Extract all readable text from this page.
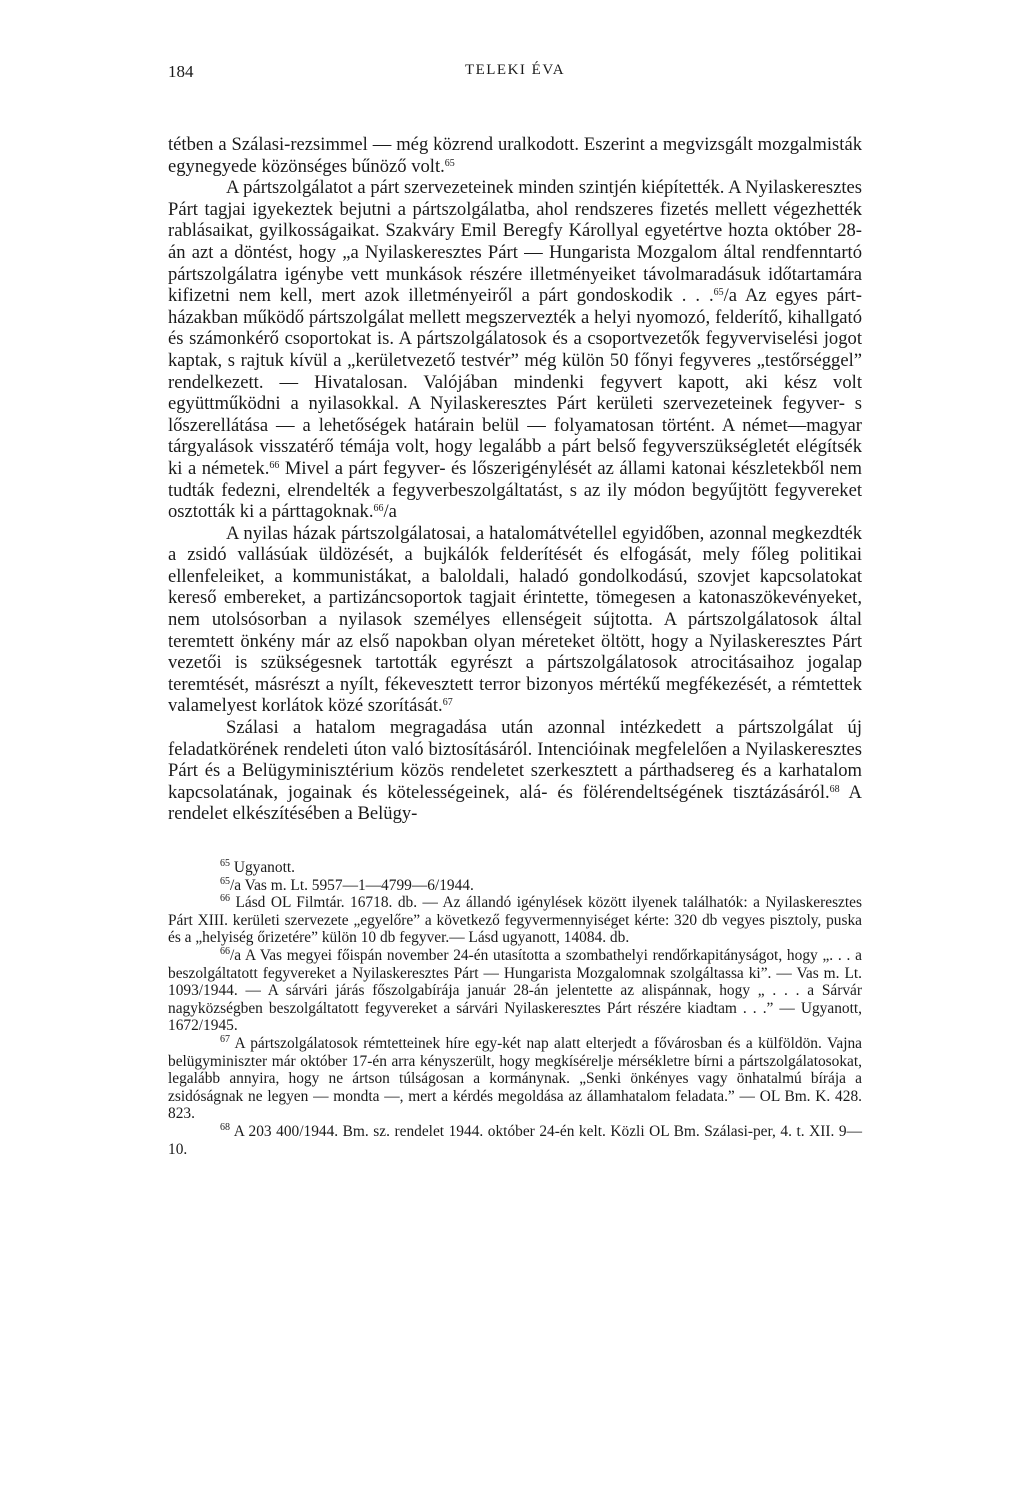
184	TELEKI ÉVA

tétben a Szálasi-rezsimmel — még közrend uralkodott. Eszerint a megvizsgált mozgalmisták egynegyede közönséges bűnöző volt.$^{65}$

A pártszolgálatot a párt szervezeteinek minden szintjén kiépítették. A Nyilaskeresztes Párt tagjai igyekeztek bejutni a pártszolgálatba, ahol rendszeres fizetés mellett végezhették rablásaikat, gyilkosságaikat. Szakváry Emil Beregfy Károllyal egyetértve hozta október 28-án azt a döntést, hogy „a Nyilaskeresztes Párt — Hungarista Mozgalom által rendfenntartó pártszolgálatra igénybe vett munkások részére illetményeiket távolmaradásuk időtartamára kifizetni nem kell, mert azok illetményeiről a párt gondoskodik . . .$^{65}$/a Az egyes pártházakban működő pártszolgálat mellett megszervezték a helyi nyomozó, felderítő, kihallgató és számonkérő csoportokat is. A pártszolgálatosok és a csoportvezetők fegyverviselési jogot kaptak, s rajtuk kívül a „kerületvezető testvér” még külön 50 főnyi fegyveres „testőrséggel” rendelkezett. — Hivatalosan. Valójában mindenki fegyvert kapott, aki kész volt együttműködni a nyilasokkal. A Nyilaskeresztes Párt kerületi szervezeteinek fegyver- s lőszerellátása — a lehetőségek határain belül — folyamatosan történt. A német—magyar tárgyalások visszatérő témája volt, hogy legalább a párt belső fegyverszükségletét elégítsék ki a németek.$^{66}$ Mivel a párt fegyver- és lőszerigénylését az állami katonai készletekből nem tudták fedezni, elrendelték a fegyverbeszolgáltatást, s az ily módon begyűjtött fegyvereket osztották ki a párttagoknak.$^{66}$/a

A nyilas házak pártszolgálatosai, a hatalomátvétellel egyidőben, azonnal megkezdték a zsidó vallásúak üldözését, a bujkálók felderítését és elfogását, mely főleg politikai ellenfeleiket, a kommunistákat, a baloldali, haladó gondolkodású, szovjet kapcsolatokat kereső embereket, a partizáncsoportok tagjait érintette, tömegesen a katonaszökevényeket, nem utolsósorban a nyilasok személyes ellenségeit sújtotta. A pártszolgálatosok által teremtett önkény már az első napokban olyan méreteket öltött, hogy a Nyilaskeresztes Párt vezetői is szükségesnek tartották egyrészt a pártszolgálatosok atrocitásaihoz jogalap teremtését, másrészt a nyílt, fékevesztett terror bizonyos mértékű megfékezését, a rémtettek valamelyest korlátok közé szorítását.$^{67}$

Szálasi a hatalom megragadása után azonnal intézkedett a pártszolgálat új feladatkörének rendeleti úton való biztosításáról. Intencióinak megfelelően a Nyilaskeresztes Párt és a Belügyminisztérium közös rendeletet szerkesztett a párthadsereg és a karhatalom kapcsolatának, jogainak és kötelességeinek, alá- és fölérendeltségének tisztázásáról.$^{68}$ A rendelet elkészítésében a Belügy-

$^{65}$ Ugyanott.

$^{65}$/a Vas m. Lt. 5957—1—4799—6/1944.

$^{66}$ Lásd OL Filmtár. 16718. db. — Az állandó igénylések között ilyenek találhatók: a Nyilaskeresztes Párt XIII. kerületi szervezete „egyelőre” a következő fegyvermennyiséget kérte: 320 db vegyes pisztoly, puska és a „helyiség őrizetére” külön 10 db fegyver.— Lásd ugyanott, 14084. db.

$^{66}$/a A Vas megyei főispán november 24-én utasította a szombathelyi rendőrkapitányságot, hogy „. . . a beszolgáltatott fegyvereket a Nyilaskeresztes Párt — Hungarista Mozgalomnak szolgáltassa ki”. — Vas m. Lt. 1093/1944. — A sárvári járás főszolgabírája január 28-án jelentette az alispánnak, hogy „ . . . a Sárvár nagyközségben beszolgáltatott fegyvereket a sárvári Nyilaskeresztes Párt részére kiadtam . . .” — Ugyanott, 1672/1945.

$^{67}$ A pártszolgálatosok rémtetteinek híre egy-két nap alatt elterjedt a fővárosban és a külföldön. Vajna belügyminiszter már október 17-én arra kényszerült, hogy megkísérelje mérsékletre bírni a pártszolgálatosokat, legalább annyira, hogy ne ártson túlságosan a kormánynak. „Senki önkényes vagy önhatalmú bírája a zsidóságnak ne legyen — mondta —, mert a kérdés megoldása az államhatalom feladata.” — OL Bm. K. 428. 823.

$^{68}$ A 203 400/1944. Bm. sz. rendelet 1944. október 24-én kelt. Közli OL Bm. Szálasi-per, 4. t. XII. 9—10.
